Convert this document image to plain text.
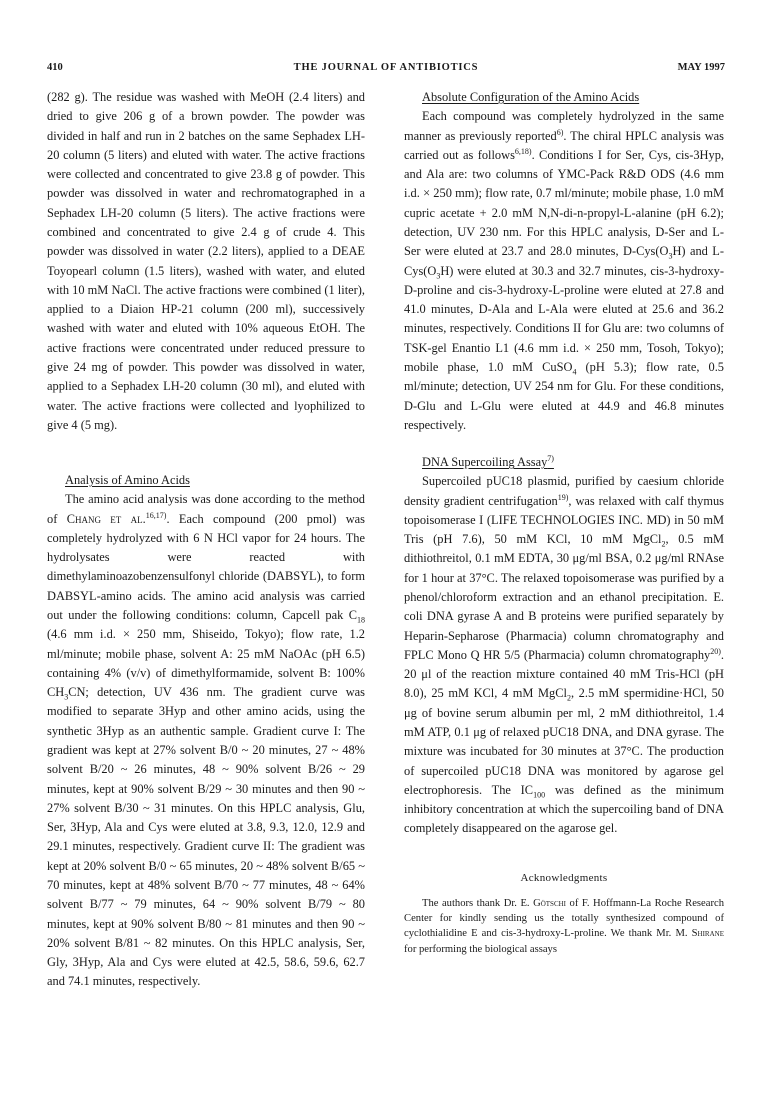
410	THE JOURNAL OF ANTIBIOTICS	MAY 1997

(282 g). The residue was washed with MeOH (2.4 liters) and dried to give 206 g of a brown powder. The powder was divided in half and run in 2 batches on the same Sephadex LH-20 column (5 liters) and eluted with water. The active fractions were collected and concentrated to give 23.8 g of powder. This powder was dissolved in water and rechromatographed in a Sephadex LH-20 column (5 liters). The active fractions were combined and concentrated to give 2.4 g of crude 4. This powder was dissolved in water (2.2 liters), applied to a DEAE Toyopearl column (1.5 liters), washed with water, and eluted with 10 mM NaCl. The active fractions were combined (1 liter), applied to a Diaion HP-21 column (200 ml), successively washed with water and eluted with 10% aqueous EtOH. The active fractions were concentrated under reduced pressure to give 24 mg of powder. This powder was dissolved in water, applied to a Sephadex LH-20 column (30 ml), and eluted with water. The active fractions were collected and lyophilized to give 4 (5 mg).

Analysis of Amino Acids

The amino acid analysis was done according to the method of Chang et al.$^{16,17)}$. Each compound (200 pmol) was completely hydrolyzed with 6 N HCl vapor for 24 hours. The hydrolysates were reacted with dimethylaminoazobenzensulfonyl chloride (DABSYL), to form DABSYL-amino acids. The amino acid analysis was carried out under the following conditions: column, Capcell pak $C_{18}$ (4.6 mm i.d. × 250 mm, Shiseido, Tokyo); flow rate, 1.2 ml/minute; mobile phase, solvent A: 25 mM NaOAc (pH 6.5) containing 4% (v/v) of dimethylformamide, solvent B: 100% $CH_3CN$; detection, UV 436 nm. The gradient curve was modified to separate 3Hyp and other amino acids, using the synthetic 3Hyp as an authentic sample. Gradient curve I: The gradient was kept at 27% solvent B/0 ~ 20 minutes, 27 ~ 48% solvent B/20 ~ 26 minutes, 48 ~ 90% solvent B/26 ~ 29 minutes, kept at 90% solvent B/29 ~ 30 minutes and then 90 ~ 27% solvent B/30 ~ 31 minutes. On this HPLC analysis, Glu, Ser, 3Hyp, Ala and Cys were eluted at 3.8, 9.3, 12.0, 12.9 and 29.1 minutes, respectively. Gradient curve II: The gradient was kept at 20% solvent B/0 ~ 65 minutes, 20 ~ 48% solvent B/65 ~ 70 minutes, kept at 48% solvent B/70 ~ 77 minutes, 48 ~ 64% solvent B/77 ~ 79 minutes, 64 ~ 90% solvent B/79 ~ 80 minutes, kept at 90% solvent B/80 ~ 81 minutes and then 90 ~ 20% solvent B/81 ~ 82 minutes. On this HPLC analysis, Ser, Gly, 3Hyp, Ala and Cys were eluted at 42.5, 58.6, 59.6, 62.7 and 74.1 minutes, respectively.

Absolute Configuration of the Amino Acids

Each compound was completely hydrolyzed in the same manner as previously reported$^{6)}$. The chiral HPLC analysis was carried out as follows$^{6,18)}$. Conditions I for Ser, Cys, cis-3Hyp, and Ala are: two columns of YMC-Pack R&D ODS (4.6 mm i.d. × 250 mm); flow rate, 0.7 ml/minute; mobile phase, 1.0 mM cupric acetate + 2.0 mM N,N-di-n-propyl-L-alanine (pH 6.2); detection, UV 230 nm. For this HPLC analysis, D-Ser and L-Ser were eluted at 23.7 and 28.0 minutes, $D-Cys(O_3H)$ and $L-Cys(O_3H)$ were eluted at 30.3 and 32.7 minutes, cis-3-hydroxy-D-proline and cis-3-hydroxy-L-proline were eluted at 27.8 and 41.0 minutes, D-Ala and L-Ala were eluted at 25.6 and 36.2 minutes, respectively. Conditions II for Glu are: two columns of TSK-gel Enantio L1 (4.6 mm i.d. × 250 mm, Tosoh, Tokyo); mobile phase, 1.0 mM CuSO$_4$ (pH 5.3); flow rate, 0.5 ml/minute; detection, UV 254 nm for Glu. For these conditions, D-Glu and L-Glu were eluted at 44.9 and 46.8 minutes respectively.

DNA Supercoiling Assay$^{7)}$

Supercoiled pUC18 plasmid, purified by caesium chloride density gradient centrifugation$^{19)}$, was relaxed with calf thymus topoisomerase I (LIFE TECHNOLOGIES INC. MD) in 50 mM Tris (pH 7.6), 50 mM KCl, 10 mM MgCl$_2$, 0.5 mM dithiothreitol, 0.1 mM EDTA, 30 μg/ml BSA, 0.2 μg/ml RNAse for 1 hour at 37°C. The relaxed topoisomerase was purified by a phenol/chloroform extraction and an ethanol precipitation. E. coli DNA gyrase A and B proteins were purified separately by Heparin-Sepharose (Pharmacia) column chromatography and FPLC Mono Q HR 5/5 (Pharmacia) column chromatography$^{20)}$. 20 μl of the reaction mixture contained 40 mM Tris-HCl (pH 8.0), 25 mM KCl, 4 mM MgCl$_2$, 2.5 mM spermidine·HCl, 50 μg of bovine serum albumin per ml, 2 mM dithiothreitol, 1.4 mM ATP, 0.1 μg of relaxed pUC18 DNA, and DNA gyrase. The mixture was incubated for 30 minutes at 37°C. The production of supercoiled pUC18 DNA was monitored by agarose gel electrophoresis. The $IC_{100}$ was defined as the minimum inhibitory concentration at which the supercoiling band of DNA completely disappeared on the agarose gel.

Acknowledgments

The authors thank Dr. E. Götschi of F. Hoffmann-La Roche Research Center for kindly sending us the totally synthesized compound of cyclothialidine E and cis-3-hydroxy-L-proline. We thank Mr. M. Shirane for performing the biological assays
